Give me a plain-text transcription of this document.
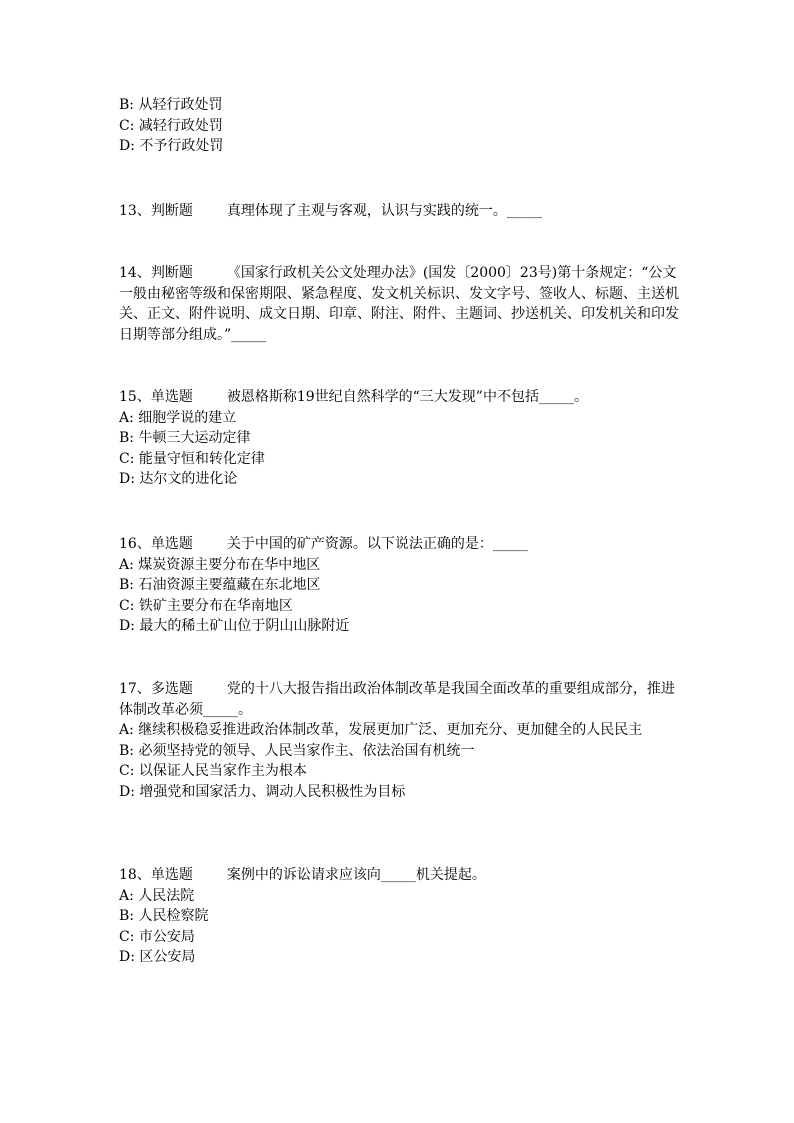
B: 从轻行政处罚
C: 减轻行政处罚
D: 不予行政处罚
13、判断题 真理体现了主观与客观，认识与实践的统一。_____
14、判断题 《国家行政机关公文处理办法》(国发〔2000〕23号)第十条规定：“公文一般由秘密等级和保密期限、紧急程度、发文机关标识、发文字号、签收人、标题、主送机关、正文、附件说明、成文日期、印章、附注、附件、主题词、抄送机关、印发机关和印发日期等部分组成。”_____
15、单选题 被恩格斯称19世纪自然科学的“三大发现”中不包括_____。
A: 细胞学说的建立
B: 牛顿三大运动定律
C: 能量守恒和转化定律
D: 达尔文的进化论
16、单选题 关于中国的矿产资源。以下说法正确的是：_____
A: 煤炭资源主要分布在华中地区
B: 石油资源主要蕴藏在东北地区
C: 铁矿主要分布在华南地区
D: 最大的稀土矿山位于阴山山脉附近
17、多选题 党的十八大报告指出政治体制改革是我国全面改革的重要组成部分，推进体制改革必须_____。
A: 继续积极稳妥推进政治体制改革，发展更加广泛、更加充分、更加健全的人民民主
B: 必须坚持党的领导、人民当家作主、依法治国有机统一
C: 以保证人民当家作主为根本
D: 增强党和国家活力、调动人民积极性为目标
18、单选题 案例中的诉讼请求应该向_____机关提起。
A: 人民法院
B: 人民检察院
C: 市公安局
D: 区公安局
